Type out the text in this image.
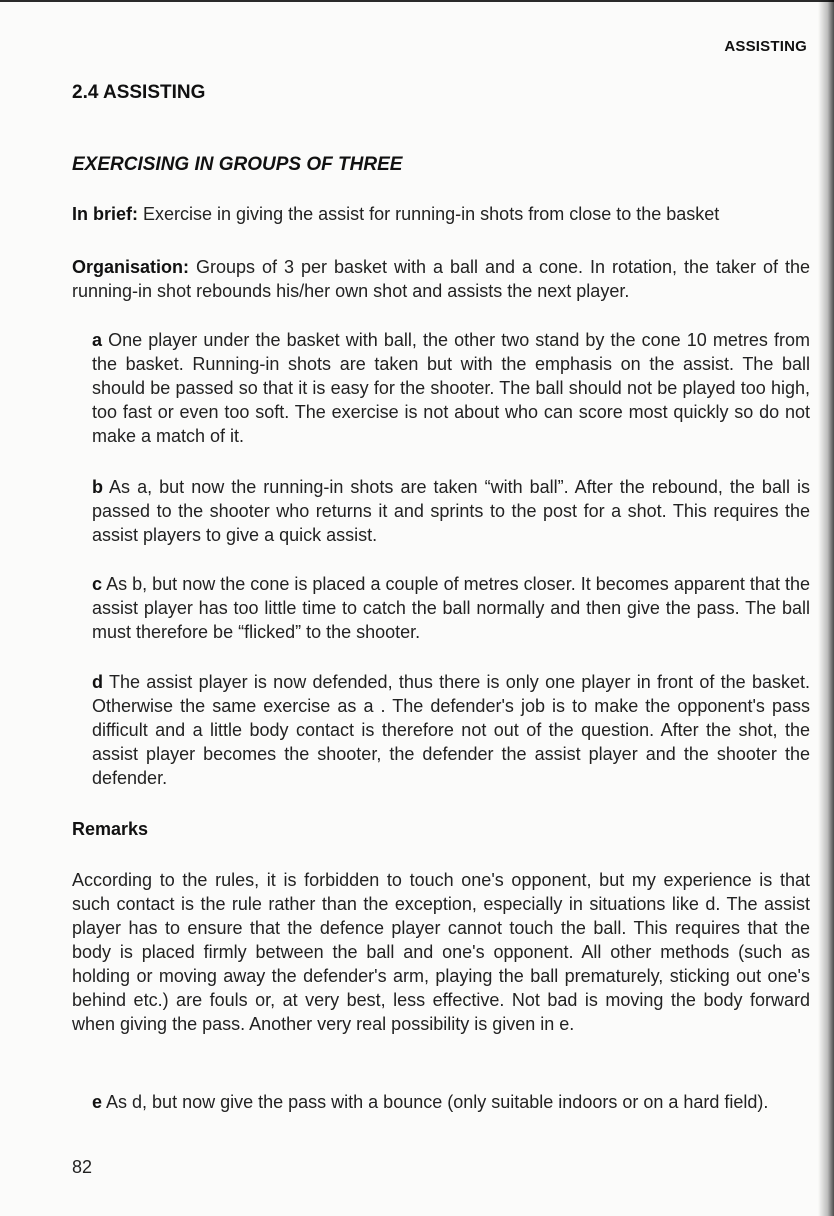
ASSISTING
2.4 ASSISTING
EXERCISING IN GROUPS OF THREE
In brief: Exercise in giving the assist for running-in shots from close to the basket
Organisation: Groups of 3 per basket with a ball and a cone. In rotation, the taker of the running-in shot rebounds his/her own shot and assists the next player.
a One player under the basket with ball, the other two stand by the cone 10 metres from the basket. Running-in shots are taken but with the emphasis on the assist. The ball should be passed so that it is easy for the shooter. The ball should not be played too high, too fast or even too soft. The exercise is not about who can score most quickly so do not make a match of it.
b As a, but now the running-in shots are taken “with ball”. After the rebound, the ball is passed to the shooter who returns it and sprints to the post for a shot. This requires the assist players to give a quick assist.
c As b, but now the cone is placed a couple of metres closer. It becomes apparent that the assist player has too little time to catch the ball normally and then give the pass. The ball must therefore be “flicked” to the shooter.
d The assist player is now defended, thus there is only one player in front of the basket. Otherwise the same exercise as a . The defender's job is to make the opponent's pass difficult and a little body contact is therefore not out of the question. After the shot, the assist player becomes the shooter, the defender the assist player and the shooter the defender.
Remarks
According to the rules, it is forbidden to touch one's opponent, but my experience is that such contact is the rule rather than the exception, especially in situations like d. The assist player has to ensure that the defence player cannot touch the ball. This requires that the body is placed firmly between the ball and one's opponent. All other methods (such as holding or moving away the defender's arm, playing the ball prematurely, sticking out one's behind etc.) are fouls or, at very best, less effective. Not bad is moving the body forward when giving the pass. Another very real possibility is given in e.
e As d, but now give the pass with a bounce (only suitable indoors or on a hard field).
82
